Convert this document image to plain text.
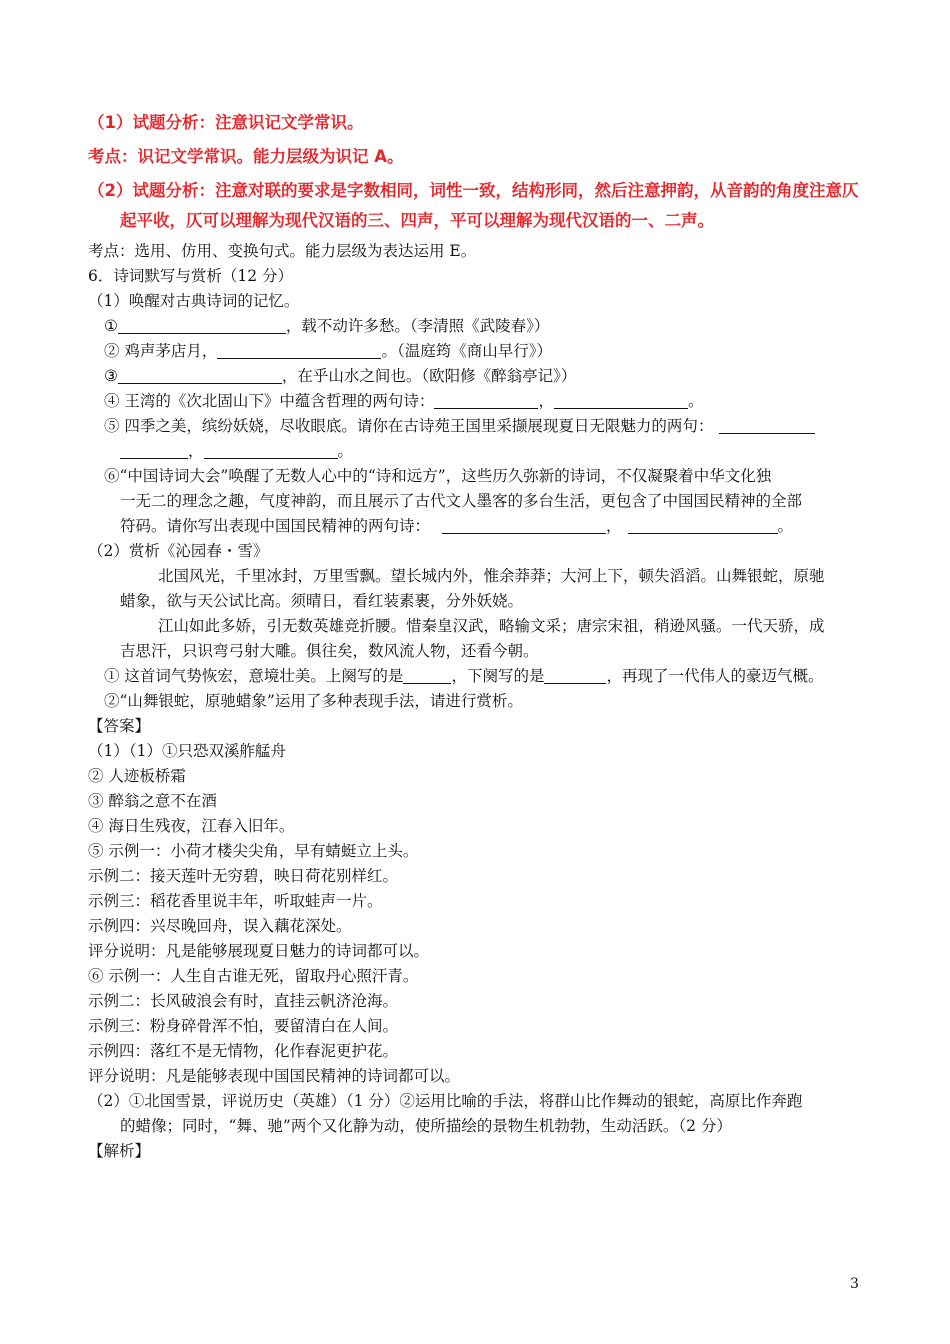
（1）试题分析：注意识记文学常识。
考点：识记文学常识。能力层级为识记 A。
（2）试题分析：注意对联的要求是字数相同，词性一致，结构形同，然后注意押韵，从音韵的角度注意仄
起平收，仄可以理解为现代汉语的三、四声，平可以理解为现代汉语的一、二声。
考点：选用、仿用、变换句式。能力层级为表达运用 E。
6．诗词默写与赏析（12 分）
（1）唤醒对古典诗词的记忆。
①	，载不动许多愁。（李清照《武陵春》）
② 鸡声茅店月，	。（温庭筠《商山早行》）
③	，在乎山水之间也。（欧阳修《醉翁亭记》）
④ 王湾的《次北固山下》中蕴含哲理的两句诗：	，	。
⑤ 四季之美，缤纷妖娆，尽收眼底。请你在古诗苑王国里采撷展现夏日无限魅力的两句：
，	。
⑥“中国诗词大会”唤醒了无数人心中的“诗和远方”，这些历久弥新的诗词，不仅凝聚着中华文化独
一无二的理念之趣，气度神韵，而且展示了古代文人墨客的多台生活，更包含了中国国民精神的全部
符码。请你写出表现中国国民精神的两句诗：	，	。
（2）赏析《沁园春・雪》
北国风光，千里冰封，万里雪飘。望长城内外，惟余莽莽；大河上下，顿失滔滔。山舞银蛇，原驰
蜡象，欲与天公试比高。须晴日，看红装素裹，分外妖娆。
江山如此多娇，引无数英雄竞折腰。惜秦皇汉武，略输文采；唐宗宋祖，稍逊风骚。一代天骄，成
吉思汗，只识弯弓射大雕。俱往矣，数风流人物，还看今朝。
① 这首词气势恢宏，意境壮美。上阕写的是	，下阕写的是	，再现了一代伟人的豪迈气概。
②“山舞银蛇，原驰蜡象”运用了多种表现手法，请进行赏析。
【答案】
（1）（1）①只恐双溪舴艋舟
② 人迹板桥霜
③ 醉翁之意不在酒
④ 海日生残夜，江春入旧年。
⑤ 示例一：小荷才楼尖尖角，早有蜻蜓立上头。
示例二：接天莲叶无穷碧，映日荷花别样红。
示例三：稻花香里说丰年，听取蛙声一片。
示例四：兴尽晚回舟，误入藕花深处。
评分说明：凡是能够展现夏日魅力的诗词都可以。
⑥ 示例一：人生自古谁无死，留取丹心照汗青。
示例二：长风破浪会有时，直挂云帆济沧海。
示例三：粉身碎骨浑不怕，要留清白在人间。
示例四：落红不是无情物，化作春泥更护花。
评分说明：凡是能够表现中国国民精神的诗词都可以。
（2）①北国雪景，评说历史（英雄）（1 分）②运用比喻的手法，将群山比作舞动的银蛇，高原比作奔跑
的蜡像；同时，“舞、驰”两个又化静为动，使所描绘的景物生机勃勃，生动活跃。（2 分）
【解析】
3
